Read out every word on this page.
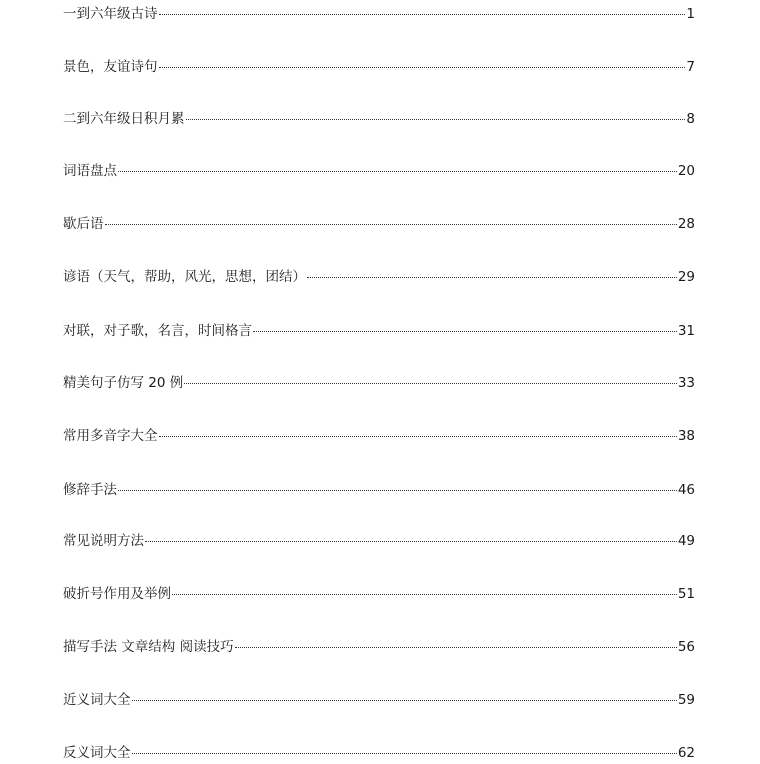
一到六年级古诗	1
景色，友谊诗句	7
二到六年级日积月累	8
词语盘点	20
歇后语	28
谚语（天气，帮助，风光，思想，团结）	29
对联，对子歌，名言，时间格言	31
精美句子仿写 20 例	33
常用多音字大全	38
修辞手法	46
常见说明方法	49
破折号作用及举例	51
描写手法 文章结构 阅读技巧	56
近义词大全	59
反义词大全	62
